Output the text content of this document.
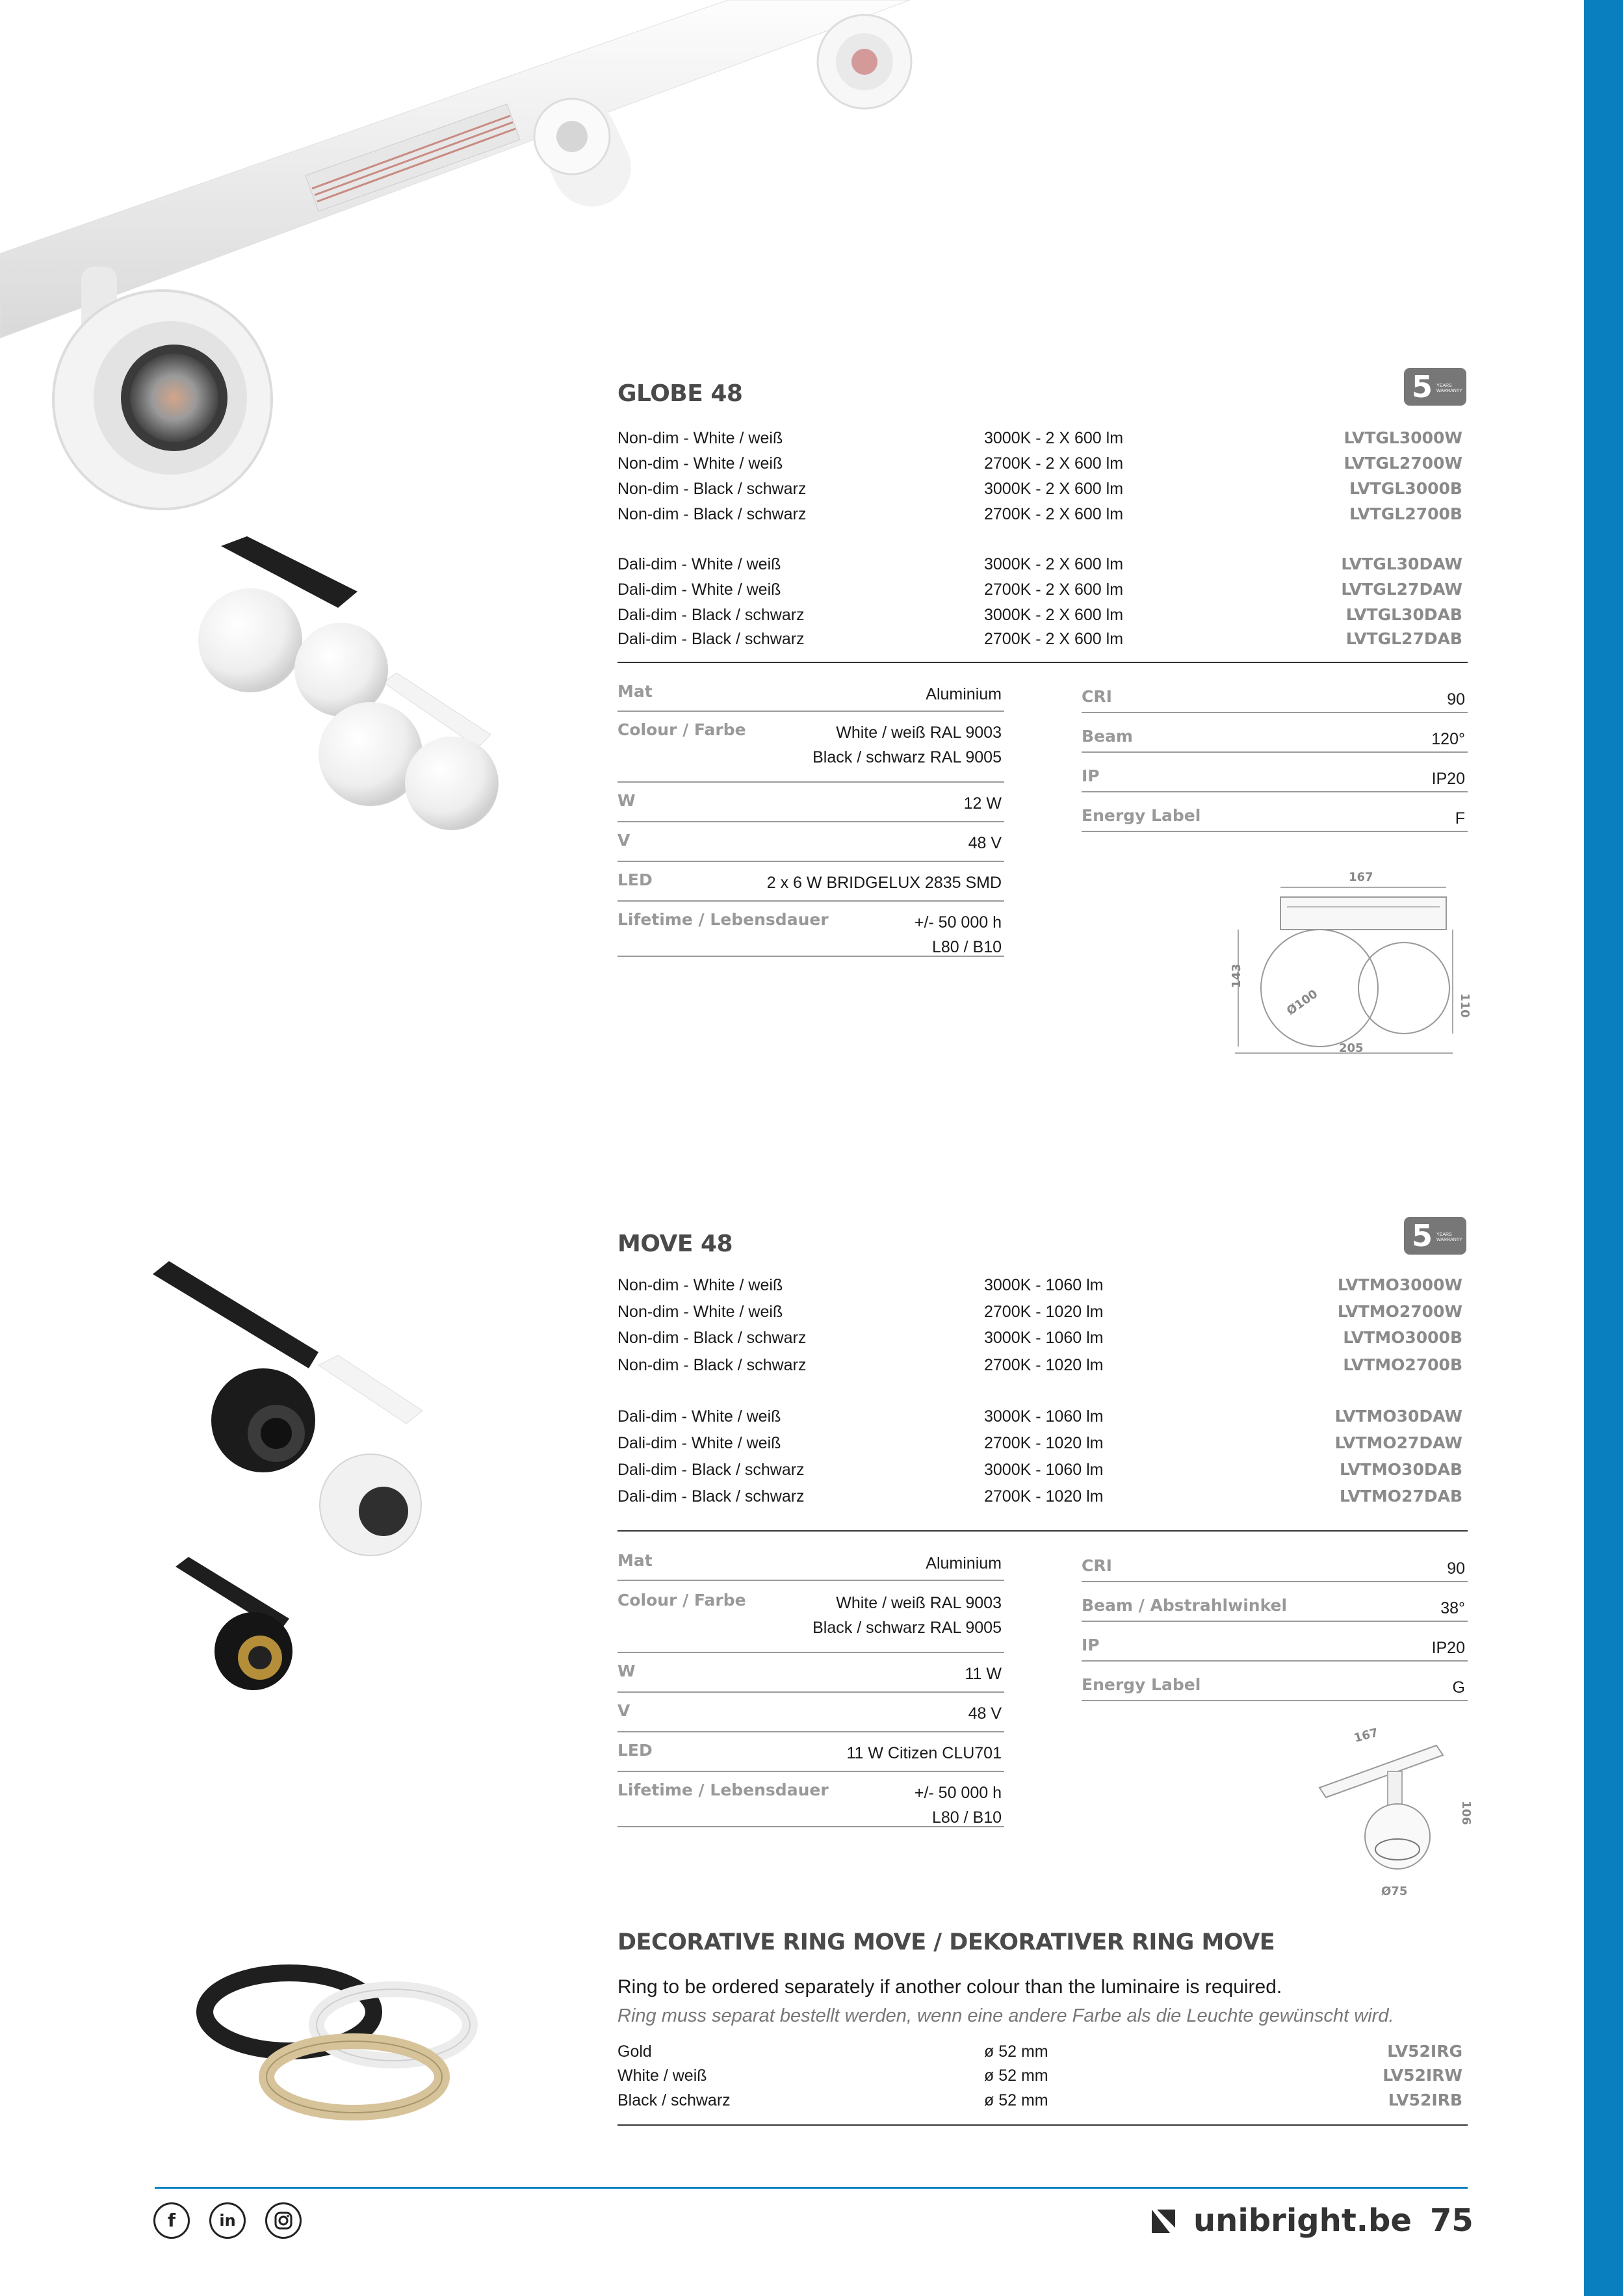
GLOBE 48	5 YEARS WARRANTY
Non-dim - White / weiß	3000K - 2 X 600 lm	LVTGL3000W
Non-dim - White / weiß	2700K - 2 X 600 lm	LVTGL2700W
Non-dim - Black / schwarz	3000K - 2 X 600 lm	LVTGL3000B
Non-dim - Black / schwarz	2700K - 2 X 600 lm	LVTGL2700B
Dali-dim - White / weiß	3000K - 2 X 600 lm	LVTGL30DAW
Dali-dim - White / weiß	2700K - 2 X 600 lm	LVTGL27DAW
Dali-dim - Black / schwarz	3000K - 2 X 600 lm	LVTGL30DAB
Dali-dim - Black / schwarz	2700K - 2 X 600 lm	LVTGL27DAB
Mat	Aluminium
Colour / Farbe	White / weiß RAL 9003
Black / schwarz RAL 9005
W	12 W
V	48 V
LED	2 x 6 W BRIDGELUX 2835 SMD
Lifetime / Lebensdauer	+/- 50 000 h
L80 / B10
CRI	90
Beam	120°
IP	IP20
Energy Label	F
167
143
110
Ø100
205
MOVE 48	5 YEARS WARRANTY
Non-dim - White / weiß	3000K - 1060 lm	LVTMO3000W
Non-dim - White / weiß	2700K - 1020 lm	LVTMO2700W
Non-dim - Black / schwarz	3000K - 1060 lm	LVTMO3000B
Non-dim - Black / schwarz	2700K - 1020 lm	LVTMO2700B
Dali-dim - White / weiß	3000K - 1060 lm	LVTMO30DAW
Dali-dim - White / weiß	2700K - 1020 lm	LVTMO27DAW
Dali-dim - Black / schwarz	3000K - 1060 lm	LVTMO30DAB
Dali-dim - Black / schwarz	2700K - 1020 lm	LVTMO27DAB
Mat	Aluminium
Colour / Farbe	White / weiß RAL 9003
Black / schwarz RAL 9005
W	11 W
V	48 V
LED	11 W Citizen CLU701
Lifetime / Lebensdauer	+/- 50 000 h
L80 / B10
CRI	90
Beam / Abstrahlwinkel	38°
IP	IP20
Energy Label	G
167
106
Ø75
DECORATIVE RING MOVE / DEKORATIVER RING MOVE
Ring to be ordered separately if another colour than the luminaire is required.
Ring muss separat bestellt werden, wenn eine andere Farbe als die Leuchte gewünscht wird.
Gold	ø 52 mm	LV52IRG
White / weiß	ø 52 mm	LV52IRW
Black / schwarz	ø 52 mm	LV52IRB
f	in	unibright.be 75
